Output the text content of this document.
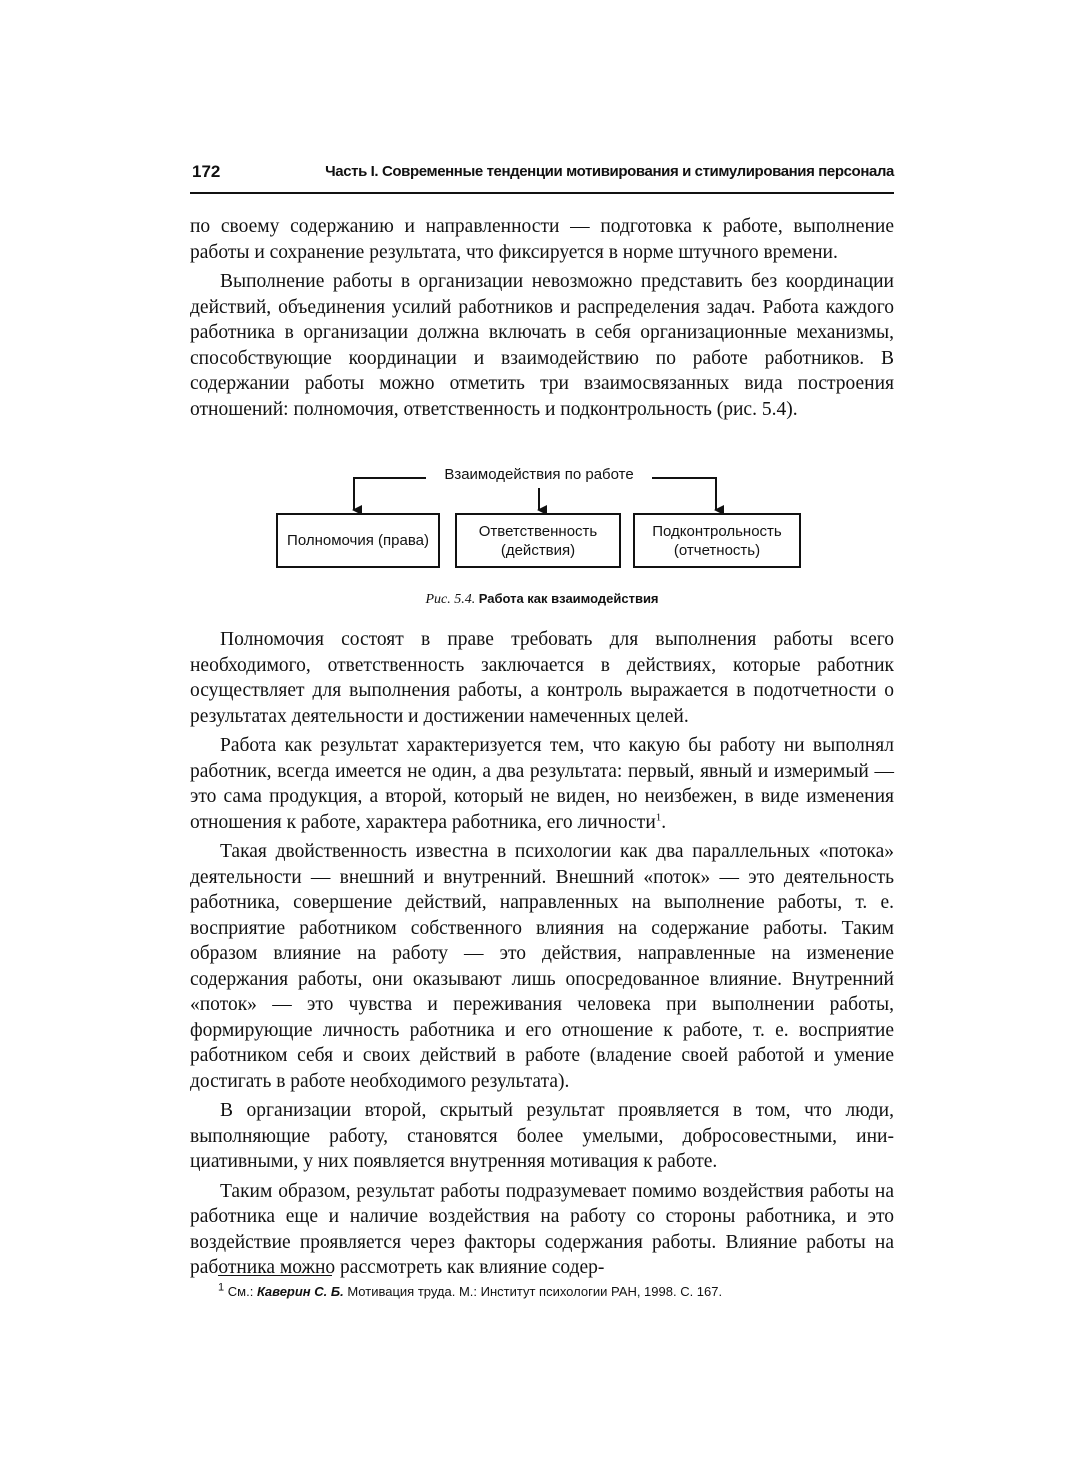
172	Часть I. Современные тенденции мотивирования и стимулирования персонала

по своему содержанию и направленности — подготовка к работе, выполнение работы и сохранение результата, что фиксируется в норме штучного времени.

Выполнение работы в организации невозможно представить без координации действий, объединения усилий работников и распределения задач. Работа каждого работника в организации должна включать в себя организационные механизмы, способствующие координации и взаимодействию по работе работников. В содержании работы можно отметить три взаимосвязанных вида построения отношений: полномочия, ответственность и подконтрольность (рис. 5.4).

Взаимодействия по работе
Полномочия (права)
Ответственность
(действия)
Подконтрольность
(отчетность)
Рис. 5.4. Работа как взаимодействия

Полномочия состоят в праве требовать для выполнения работы всего необходимого, ответственность заключается в действиях, которые работник осуществляет для выполнения работы, а контроль выражается в подотчетности о результатах деятельности и достижении намеченных целей.

Работа как результат характеризуется тем, что какую бы работу ни выполнял работник, всегда имеется не один, а два результата: первый, явный и измеримый — это сама продукция, а второй, который не виден, но неизбежен, в виде изменения отношения к работе, характера работника, его личности$^1$.

Такая двойственность известна в психологии как два параллельных «потока» деятельности — внешний и внутренний. Внешний «поток» — это деятельность работника, совершение действий, направленных на выполнение работы, т. е. восприятие работником собственного влияния на содержание работы. Таким образом влияние на работу — это действия, направленные на изменение содержания работы, они оказывают лишь опосредованное влияние. Внутренний «поток» — это чувства и переживания человека при выполнении работы, формирующие личность работника и его отношение к работе, т. е. восприятие работником себя и своих действий в работе (владение своей работой и умение достигать в работе необходимого результата).

В организации второй, скрытый результат проявляется в том, что люди, выполняющие работу, становятся более умелыми, добросовестными, инициативными, у них появляется внутренняя мотивация к работе.

Таким образом, результат работы подразумевает помимо воздействия работы на работника еще и наличие воздействия на работу со стороны работника, и это воздействие проявляется через факторы содержания работы. Влияние работы на работника можно рассмотреть как влияние содер-

$^1$ См.: Каверин С. Б. Мотивация труда. М.: Институт психологии РАН, 1998. С. 167.
